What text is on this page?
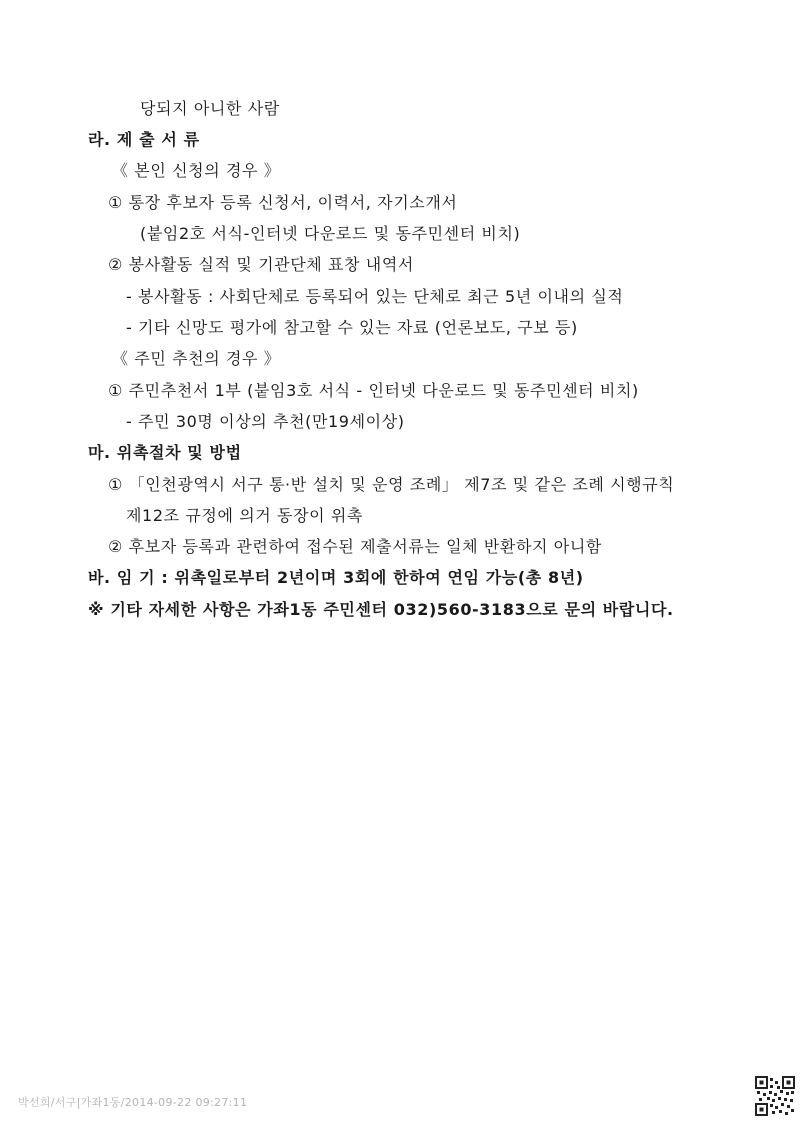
당되지 아니한 사람
라. 제 출 서 류
《 본인 신청의 경우 》
① 통장 후보자 등록 신청서, 이력서, 자기소개서
(붙임2호 서식-인터넷 다운로드 및 동주민센터 비치)
② 봉사활동 실적 및 기관단체 표창 내역서
- 봉사활동 : 사회단체로 등록되어 있는 단체로 최근 5년 이내의 실적
- 기타 신망도 평가에 참고할 수 있는 자료 (언론보도, 구보 등)
《 주민 추천의 경우 》
① 주민추천서 1부 (붙임3호 서식 - 인터넷 다운로드 및 동주민센터 비치)
- 주민 30명 이상의 추천(만19세이상)
마. 위촉절차 및 방법
① 「인천광역시 서구 통·반 설치 및 운영 조례」 제7조 및 같은 조례 시행규칙
제12조 규정에 의거 동장이 위촉
② 후보자 등록과 관련하여 접수된 제출서류는 일체 반환하지 아니함
바. 임 기 : 위촉일로부터 2년이며 3회에 한하여 연임 가능(총 8년)
※ 기타 자세한 사항은 가좌1동 주민센터 032)560-3183으로 문의 바랍니다.
박선희/서구|가좌1동/2014-09-22 09:27:11
